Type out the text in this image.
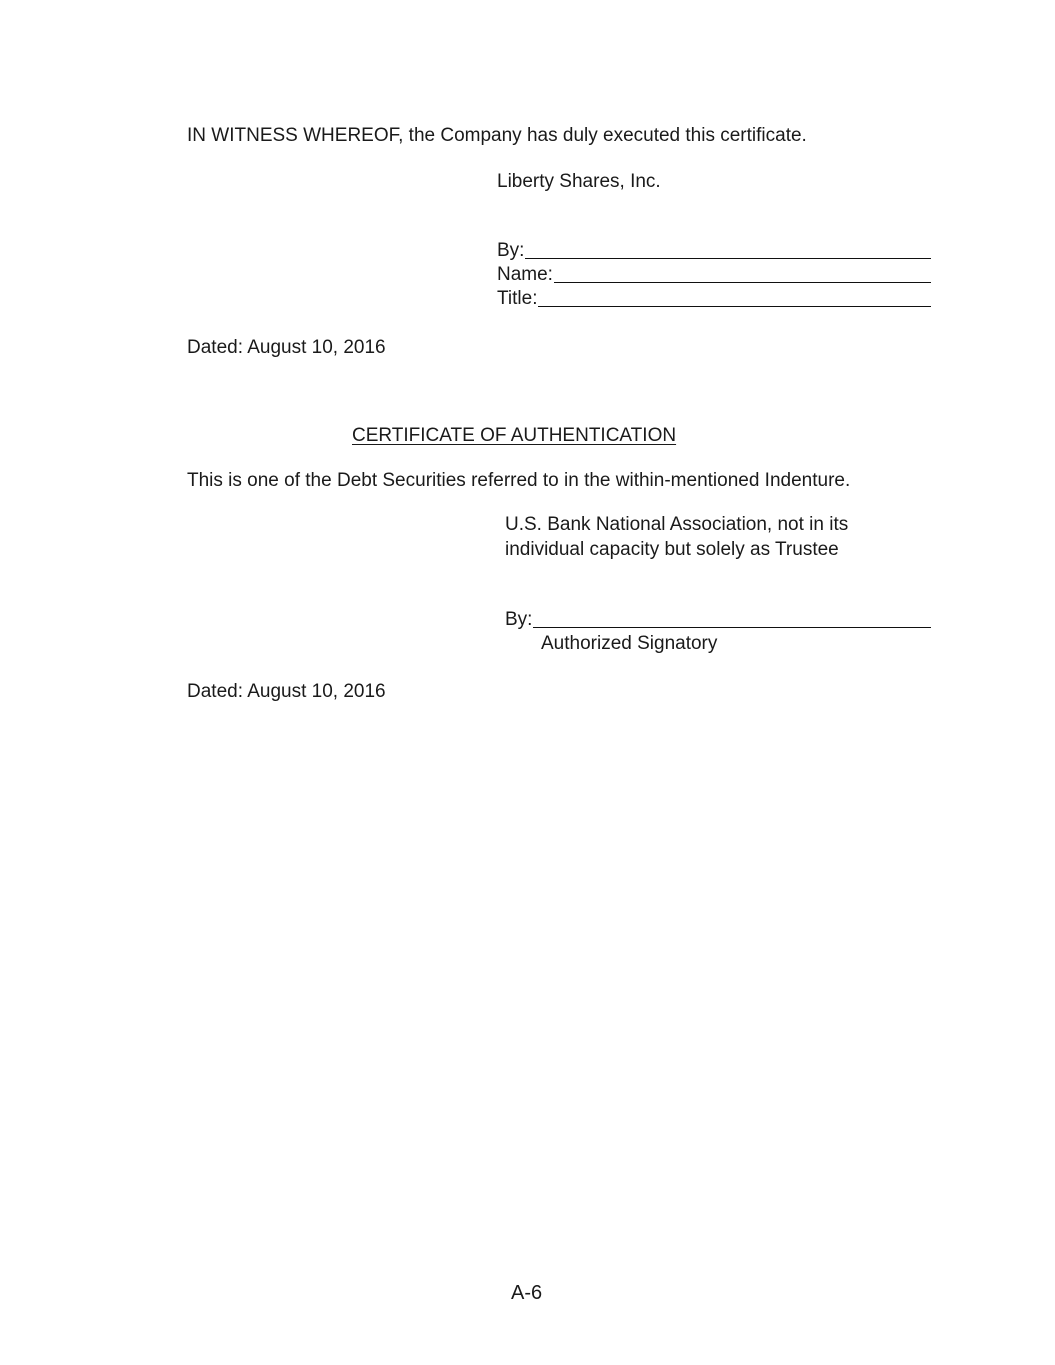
IN WITNESS WHEREOF, the Company has duly executed this certificate.
Liberty Shares, Inc.
By:
Name:
Title:
Dated: August 10, 2016
CERTIFICATE OF AUTHENTICATION
This is one of the Debt Securities referred to in the within-mentioned Indenture.
U.S. Bank National Association, not in its
individual capacity but solely as Trustee
By:
Authorized Signatory
Dated: August 10, 2016
A-6
